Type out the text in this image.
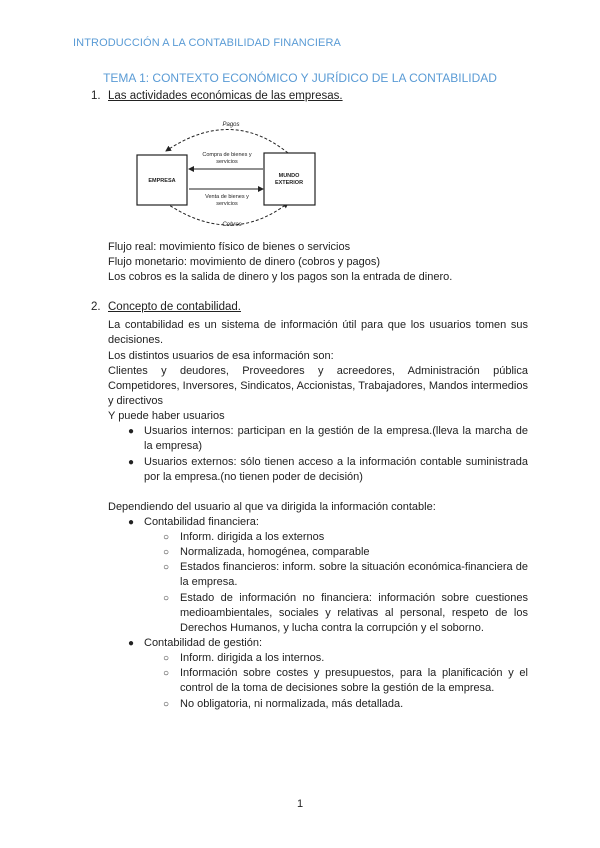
INTRODUCCIÓN A LA CONTABILIDAD FINANCIERA
TEMA 1: CONTEXTO ECONÓMICO Y JURÍDICO DE LA CONTABILIDAD
1. Las actividades económicas de las empresas.
Pagos
Cobros
EMPRESA
MUNDO
EXTERIOR
Compra de bienes y
servicios
Venta de bienes y
servicios
Flujo real: movimiento físico de bienes o servicios
Flujo monetario: movimiento de dinero (cobros y pagos)
Los cobros es la salida de dinero y los pagos son la entrada de dinero.
2. Concepto de contabilidad.
La contabilidad es un sistema de información útil para que los usuarios tomen sus decisiones.
Los distintos usuarios de esa información son:
Clientes y deudores, Proveedores y acreedores, Administración pública Competidores, Inversores, Sindicatos, Accionistas, Trabajadores, Mandos intermedios y directivos
Y puede haber usuarios
● Usuarios internos: participan en la gestión de la empresa.(lleva la marcha de la empresa)
● Usuarios externos: sólo tienen acceso a la información contable suministrada por la empresa.(no tienen poder de decisión)
Dependiendo del usuario al que va dirigida la información contable:
● Contabilidad financiera:
○ Inform. dirigida a los externos
○ Normalizada, homogénea, comparable
○ Estados financieros: inform. sobre la situación económica-financiera de la empresa.
○ Estado de información no financiera: información sobre cuestiones medioambientales, sociales y relativas al personal, respeto de los Derechos Humanos, y lucha contra la corrupción y el soborno.
● Contabilidad de gestión:
○ Inform. dirigida a los internos.
○ Información sobre costes y presupuestos, para la planificación y el control de la toma de decisiones sobre la gestión de la empresa.
○ No obligatoria, ni normalizada, más detallada.
1
